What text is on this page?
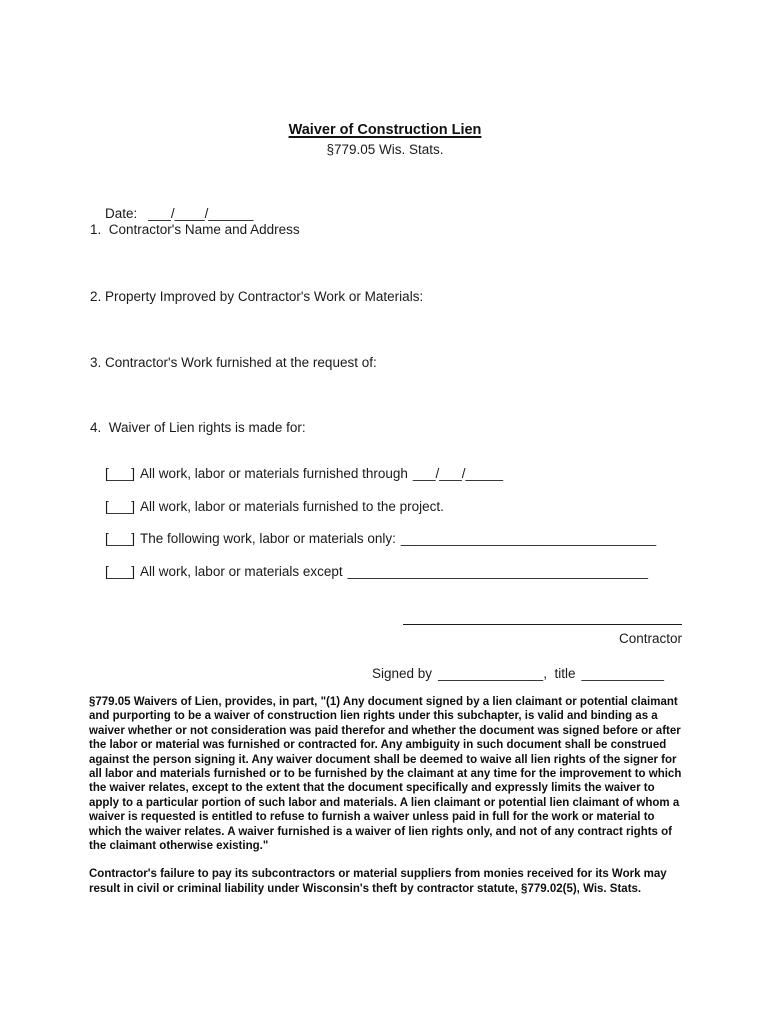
Waiver of Construction Lien
§779.05 Wis. Stats.

Date: ___/____/______

1.  Contractor's Name and Address
2. Property Improved by Contractor's Work or Materials:
3. Contractor's Work furnished at the request of:
4.  Waiver of Lien rights is made for:

[___] All work, labor or materials furnished through ___/___/_____

[___] All work, labor or materials furnished to the project.

[___] The following work, labor or materials only: __________________________________

[___] All work, labor or materials except ________________________________________

Contractor

Signed by ______________,  title ___________

§779.05 Waivers of Lien, provides, in part, "(1) Any document signed by a lien claimant or potential claimant and purporting to be a waiver of construction lien rights under this subchapter, is valid and binding as a waiver whether or not consideration was paid therefor and whether the document was signed before or after the labor or material was furnished or contracted for. Any ambiguity in such document shall be construed against the person signing it. Any waiver document shall be deemed to waive all lien rights of the signer for all labor and materials furnished or to be furnished by the claimant at any time for the improvement to which the waiver relates, except to the extent that the document specifically and expressly limits the waiver to apply to a particular portion of such labor and materials. A lien claimant or potential lien claimant of whom a waiver is requested is entitled to refuse to furnish a waiver unless paid in full for the work or material to which the waiver relates. A waiver furnished is a waiver of lien rights only, and not of any contract rights of the claimant otherwise existing."

Contractor's failure to pay its subcontractors or material suppliers from monies received for its Work may result in civil or criminal liability under Wisconsin's theft by contractor statute, §779.02(5), Wis. Stats.
